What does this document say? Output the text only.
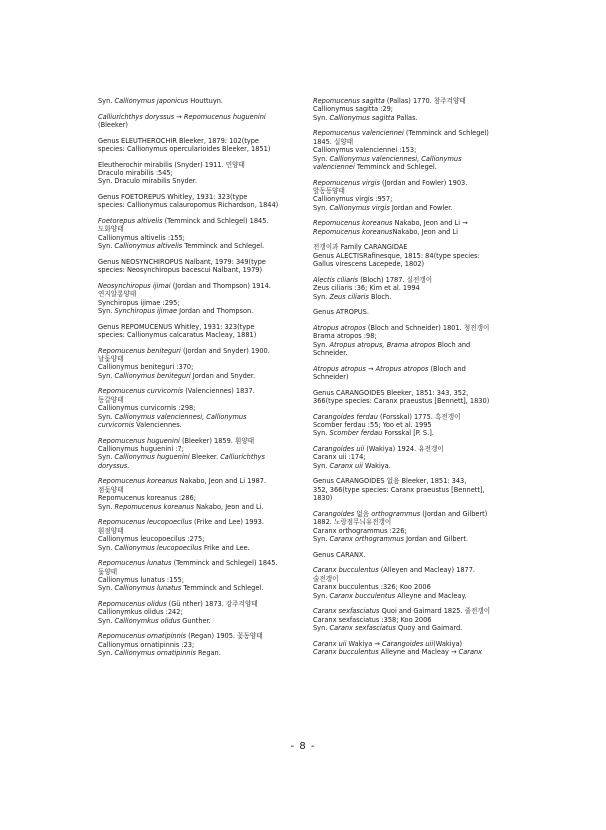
Syn. Callionymus japonicus Houttuyn.
Calliurichthys doryssus → Repomucenus huguenini
(Bleeker)
Genus ELEUTHEROCHIR Bleeker, 1879: 102(type
species: Callionymus opercularioides Bleeker, 1851)
Eleutherochir mirabilis (Snyder) 1911. 민양태
Draculo mirabilis :545;
Syn. Draculo mirabilis Snyder.
Genus FOETOREPUS Whitley, 1931: 323(type
species: Callionymus calauropomus Richardson, 1844)
Foetorepus altivelis (Temminck and Schlegel) 1845.
도화양태
Callionymus altivelis :155;
Syn. Callionymus altivelis Temminck and Schlegel.
Genus NEOSYNCHIROPUS Nalbant, 1979: 349(type
species: Neosynchiropus bacescui Nalbant, 1979)
Neosynchiropus ijimai (Jordan and Thompson) 1914.
연지알롱양태
Synchiropus ijimae :295;
Syn. Synchiropus ijimae Jordan and Thompson.
Genus REPOMUCENUS Whitley, 1931: 323(type
species: Callionymus calcaratus Macleay, 1881)
Repomucenus beniteguri (Jordan and Snyder) 1900.
날돛양태
Callionymus beniteguri :370;
Syn. Callionymus beniteguri Jordan and Snyder.
Repomucenus curvicornis (Valenciennes) 1837.
동갈양태
Callionymus curvicornis :298;
Syn. Callionymus valenciennesi, Callionymus
curvicornis Valenciennes.
Repomucenus huguenini (Bleeker) 1859. 흰양태
Callionymus huguenini :7;
Syn. Callionymus huguenini Bleeker. Calliurichthys
doryssus.
Repomucenus koreanus Nakabo, Jeon and Li 1987.
점돛양태
Repomucenus koreanus :286;
Syn. Repomucenus koreanus Nakabo, Jeon and Li.
Repomucenus leucopoecilus (Frike and Lee) 1993.
흰점양태
Callionymus leucopoecilus :275;
Syn. Callionymus leucopoecilus Frike and Lee.
Repomucenus lunatus (Temminck and Schlegel) 1845.
돛양태
Callionymus lunatus :155;
Syn. Callionymus lunatus Temminck and Schlegel.
Repomucenus olidus (Gü nther) 1873. 강주걱양태
Callionymkus olidus :242;
Syn. Callionymkus olidus Gunther.
Repomucenus ornatipinnis (Regan) 1905. 꽃동양태
Callionymus ornatipinnis :23;
Syn. Callionymus ornatipinnis Regan.
Repomucenus sagitta (Pallas) 1770. 참주걱양태
Callionymus sagitta :29;
Syn. Callionymus sagitta Pallas.
Repomucenus valenciennei (Temminck and Schlegel)
1845. 실양태
Callionymus valenciennei :153;
Syn. Callionymus valenciennesi, Callionymus
valenciennei Temminck and Schlegel.
Repomucenus virgis (Jordan and Fowler) 1903.
앞동동양태
Callionymus virgis :957;
Syn. Callionymus virgis Jordan and Fowler.
Repomucenus koreanus Nakabo, Jeon and Li →
Repomucenus koreanusNakabo, Jeon and Li
전갱이과 Family CARANGIDAE
Genus ALECTISRafinesque, 1815: 84(type species:
Gallus virescens Lacepede, 1802)
Alectis ciliaris (Bloch) 1787. 실전갱이
Zeus ciliaris :36; Kim et al. 1994
Syn. Zeus ciliaris Bloch.
Genus ATROPUS.
Atropus atropos (Bloch and Schneider) 1801. 청전갱이
Brama atropos :98;
Syn. Atropus atropus, Brama atropos Bloch and
Schneider.
Atropus atropus → Atropus atropos (Bloch and
Schneider)
Genus CARANGOIDES Bleeker, 1851: 343, 352,
366(type species: Caranx praeustus [Bennett], 1830)
Carangoides ferdau (Forsskal) 1775. 흑전갱이
Scomber ferdau :55; Yoo et al. 1995
Syn. Scomber ferdau Forsskal [P. S.].
Carangoides uii (Wakiya) 1924. 유전갱이
Caranx uii :174;
Syn. Caranx uii Wakiya.
Genus CARANGOIDES 없음 Bleeker, 1851: 343,
352, 366(type species: Caranx praeustus [Bennett],
1830)
Carangoides 없음 orthogrammus (Jordan and Gilbert)
1882. 노랑점무늬유전갱이
Caranx orthogrammus :226;
Syn. Caranx orthogrammus Jordan and Gilbert.
Genus CARANX.
Caranx bucculentus (Alleyen and Macleay) 1877.
술전갱이
Caranx bucculentus :326; Koo 2006
Syn. Caranx bucculentus Alleyne and Macleay.
Caranx sexfasciatus Quoi and Gaimard 1825. 줄전갱이
Caranx sexfasciatus :358; Koo 2006
Syn. Caranx sexfasciatus Quoy and Gaimard.
Caranx uii Wakiya → Carangoides uii(Wakiya)
Caranx bucculentus Alleyne and Macleay → Caranx
- 8 -
